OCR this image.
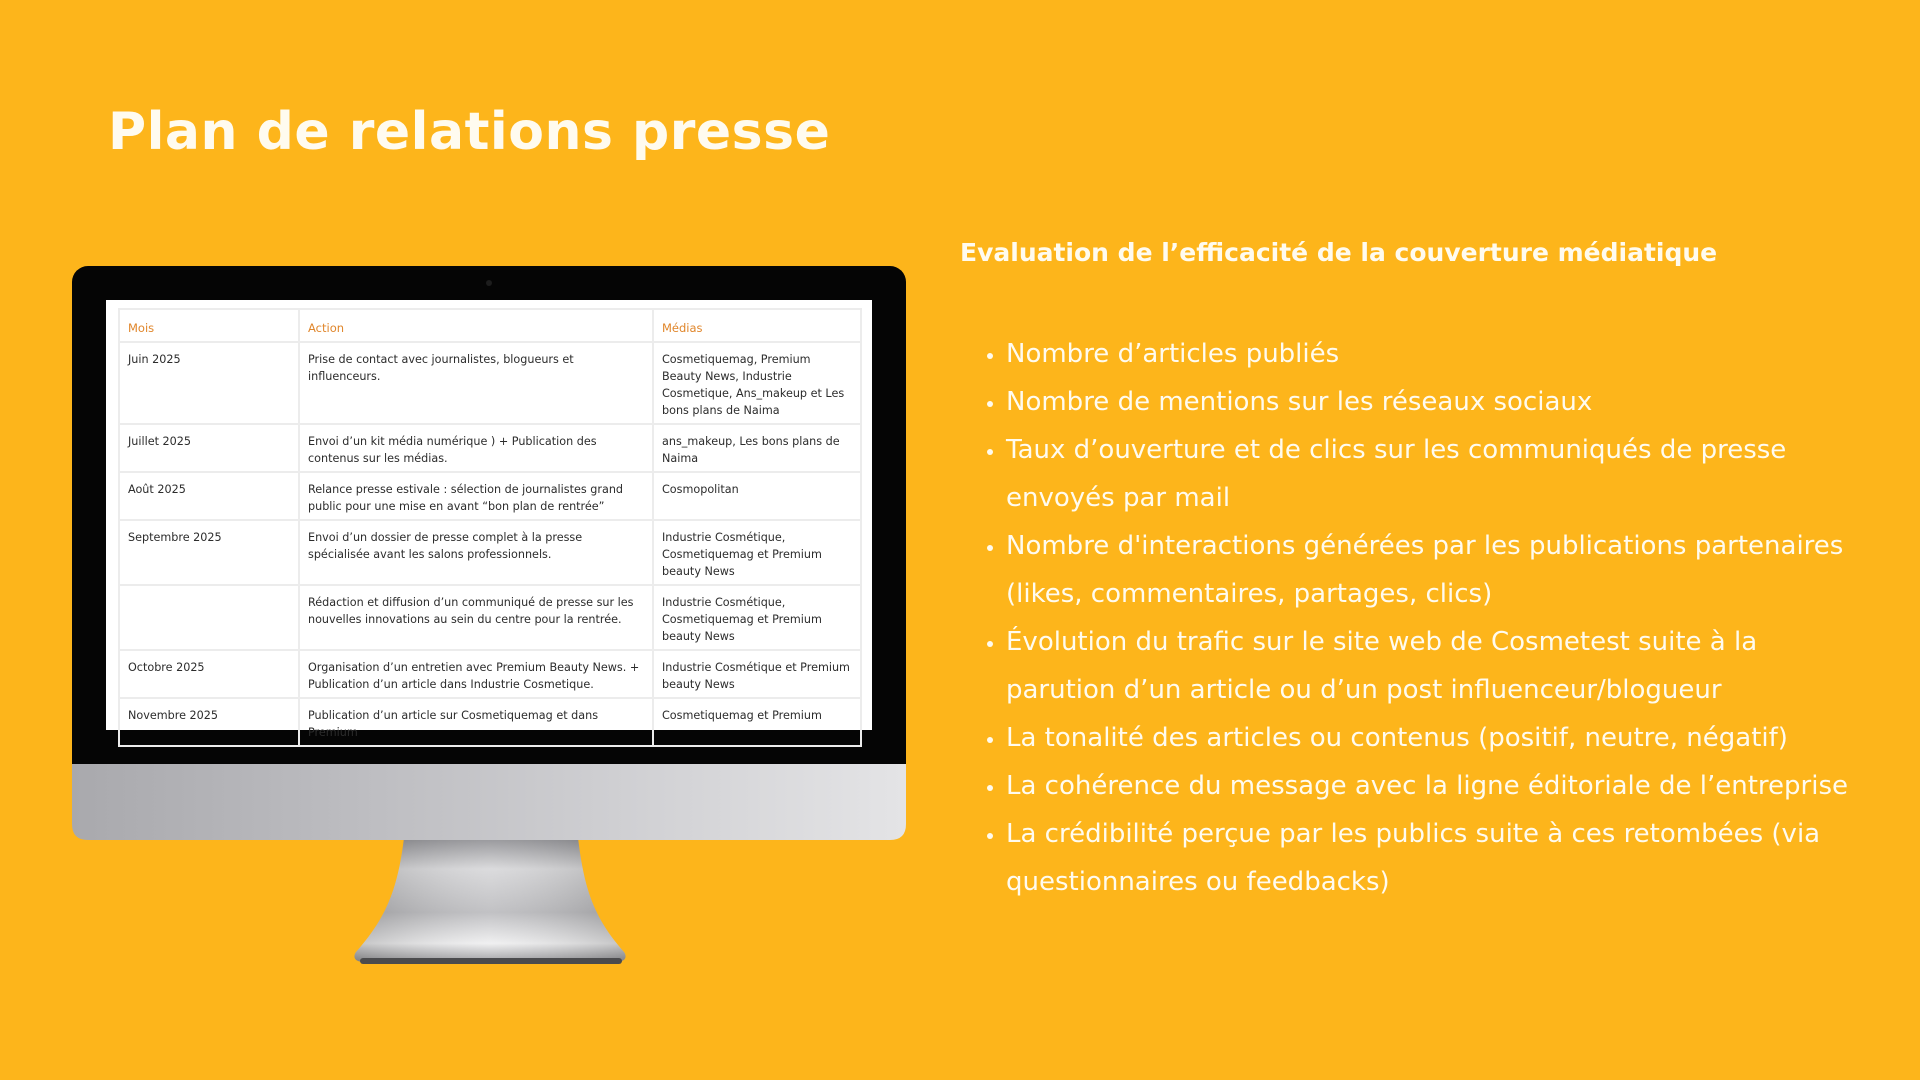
Plan de relations presse
Mois	Action	Médias
Juin 2025	Prise de contact avec journalistes, blogueurs et influenceurs.	Cosmetiquemag, Premium Beauty News, Industrie Cosmetique, Ans_makeup et Les bons plans de Naima
Juillet 2025	Envoi d’un kit média numérique ) + Publication des contenus sur les médias.	ans_makeup, Les bons plans de Naima
Août 2025	Relance presse estivale : sélection de journalistes grand public pour une mise en avant “bon plan de rentrée”	Cosmopolitan
Septembre 2025	Envoi d’un dossier de presse complet à la presse spécialisée avant les salons professionnels.	Industrie Cosmétique, Cosmetiquemag et Premium beauty News
	Rédaction et diffusion d’un communiqué de presse sur les nouvelles innovations au sein du centre pour la rentrée.	Industrie Cosmétique, Cosmetiquemag et Premium beauty News
Octobre 2025	Organisation d’un entretien avec Premium Beauty News. + Publication d’un article dans Industrie Cosmetique.	Industrie Cosmétique et Premium beauty News
Novembre 2025	Publication d’un article sur Cosmetiquemag et dans Premium	Cosmetiquemag et Premium
Evaluation de l’efficacité de la couverture médiatique
• Nombre d’articles publiés
• Nombre de mentions sur les réseaux sociaux
• Taux d’ouverture et de clics sur les communiqués de presse envoyés par mail
• Nombre d'interactions générées par les publications partenaires (likes, commentaires, partages, clics)
• Évolution du trafic sur le site web de Cosmetest suite à la parution d’un article ou d’un post influenceur/blogueur
• La tonalité des articles ou contenus (positif, neutre, négatif)
• La cohérence du message avec la ligne éditoriale de l’entreprise
• La crédibilité perçue par les publics suite à ces retombées (via questionnaires ou feedbacks)
